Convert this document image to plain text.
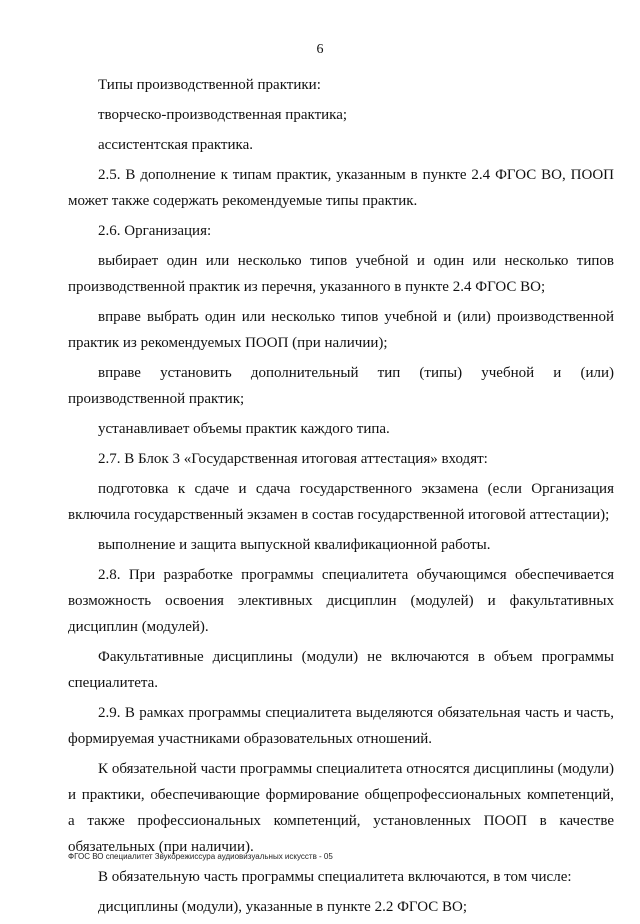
6

Типы производственной практики:

творческо-производственная практика;

ассистентская практика.

2.5. В дополнение к типам практик, указанным в пункте 2.4 ФГОС ВО, ПООП может также содержать рекомендуемые типы практик.

2.6. Организация:

выбирает один или несколько типов учебной и один или несколько типов производственной практик из перечня, указанного в пункте 2.4 ФГОС ВО;

вправе выбрать один или несколько типов учебной и (или) производственной практик из рекомендуемых ПООП (при наличии);

вправе установить дополнительный тип (типы) учебной и (или) производственной практик;

устанавливает объемы практик каждого типа.

2.7. В Блок 3 «Государственная итоговая аттестация» входят:

подготовка к сдаче и сдача государственного экзамена (если Организация включила государственный экзамен в состав государственной итоговой аттестации);

выполнение и защита выпускной квалификационной работы.

2.8. При разработке программы специалитета обучающимся обеспечивается возможность освоения элективных дисциплин (модулей) и факультативных дисциплин (модулей).

Факультативные дисциплины (модули) не включаются в объем программы специалитета.

2.9. В рамках программы специалитета выделяются обязательная часть и часть, формируемая участниками образовательных отношений.

К обязательной части программы специалитета относятся дисциплины (модули) и практики, обеспечивающие формирование общепрофессиональных компетенций, а также профессиональных компетенций, установленных ПООП в качестве обязательных (при наличии).

В обязательную часть программы специалитета включаются, в том числе:

дисциплины (модули), указанные в пункте 2.2 ФГОС ВО;

ФГОС ВО специалитет Звукорежиссура аудиовизуальных искусств - 05
